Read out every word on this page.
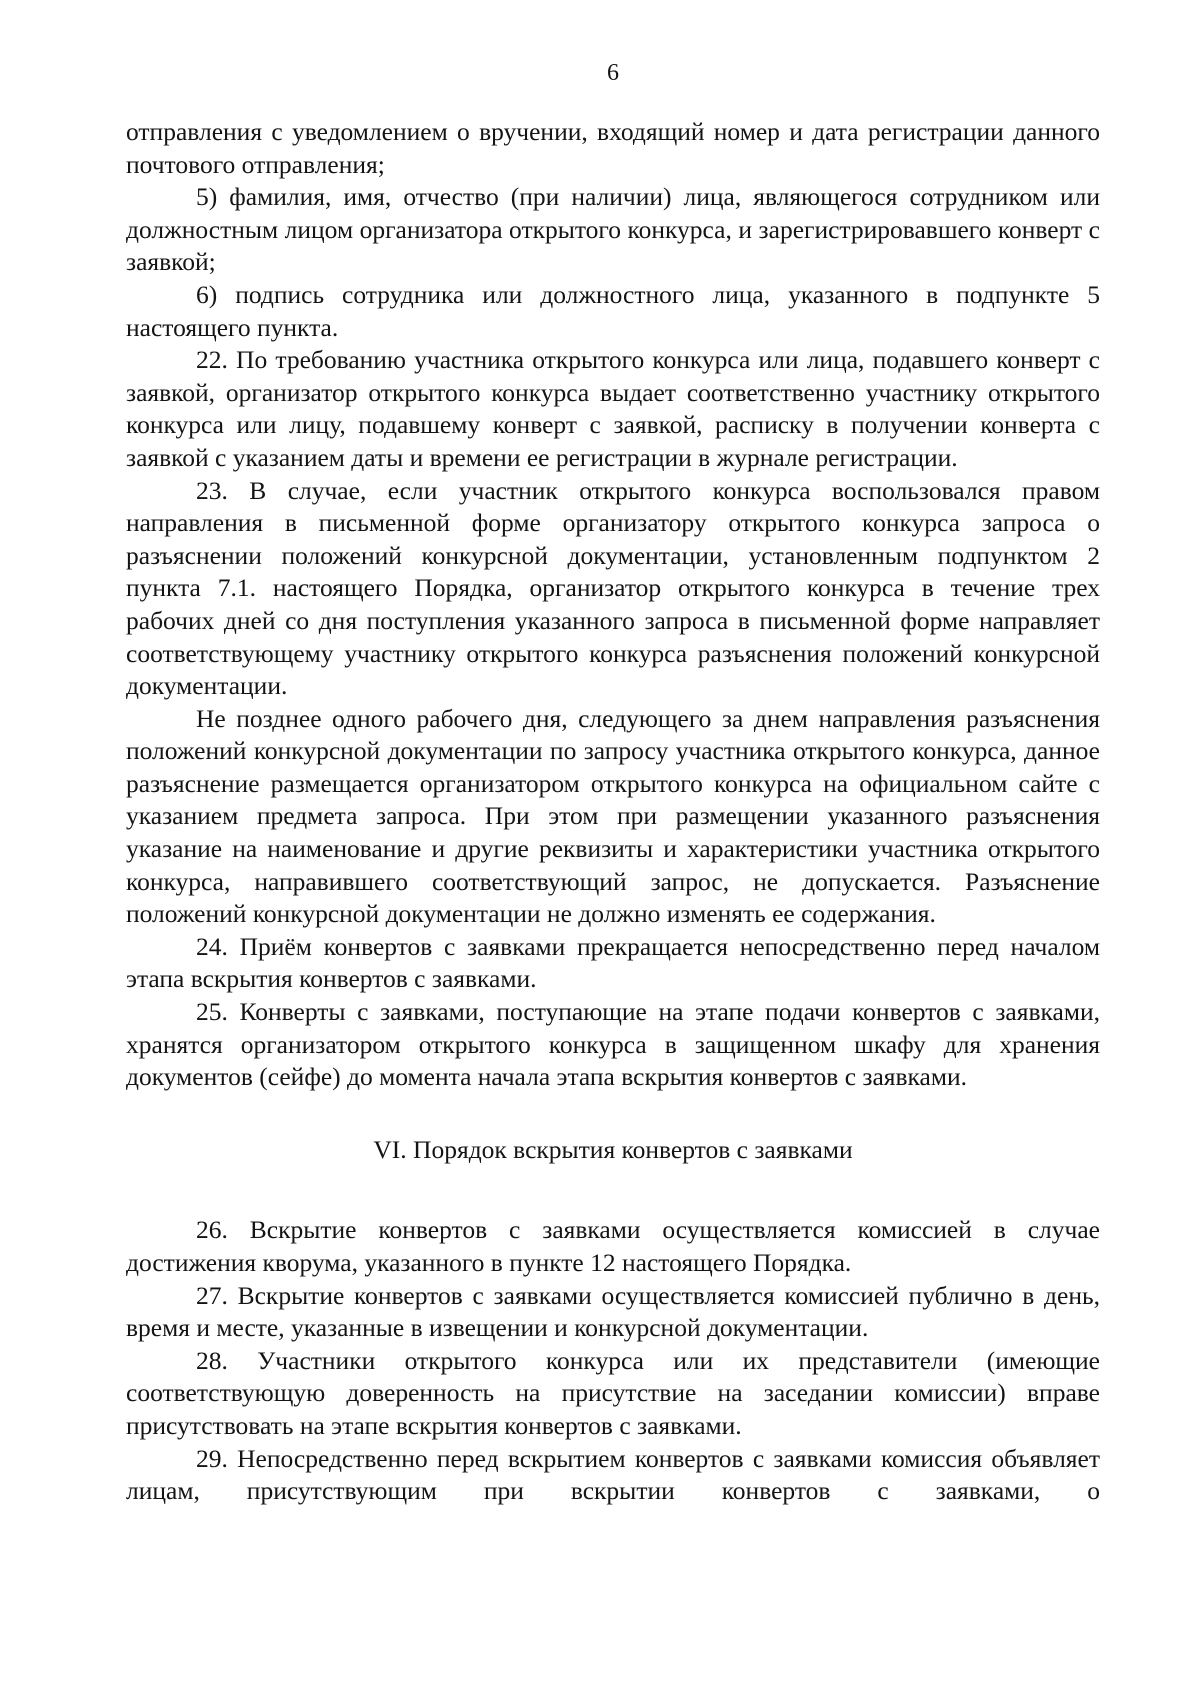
6

отправления с уведомлением о вручении, входящий номер и дата регистрации данного почтового отправления;

5) фамилия, имя, отчество (при наличии) лица, являющегося сотрудником или должностным лицом организатора открытого конкурса, и зарегистрировавшего конверт с заявкой;

6) подпись сотрудника или должностного лица, указанного в подпункте 5 настоящего пункта.

22. По требованию участника открытого конкурса или лица, подавшего конверт с заявкой, организатор открытого конкурса выдает соответственно участнику открытого конкурса или лицу, подавшему конверт с заявкой, расписку в получении конверта с заявкой с указанием даты и времени ее регистрации в журнале регистрации.

23. В случае, если участник открытого конкурса воспользовался правом направления в письменной форме организатору открытого конкурса запроса о разъяснении положений конкурсной документации, установленным подпунктом 2 пункта 7.1. настоящего Порядка, организатор открытого конкурса в течение трех рабочих дней со дня поступления указанного запроса в письменной форме направляет соответствующему участнику открытого конкурса разъяснения положений конкурсной документации.

Не позднее одного рабочего дня, следующего за днем направления разъяснения положений конкурсной документации по запросу участника открытого конкурса, данное разъяснение размещается организатором открытого конкурса на официальном сайте с указанием предмета запроса. При этом при размещении указанного разъяснения указание на наименование и другие реквизиты и характеристики участника открытого конкурса, направившего соответствующий запрос, не допускается. Разъяснение положений конкурсной документации не должно изменять ее содержания.

24. Приём конвертов с заявками прекращается непосредственно перед началом этапа вскрытия конвертов с заявками.

25. Конверты с заявками, поступающие на этапе подачи конвертов с заявками, хранятся организатором открытого конкурса в защищенном шкафу для хранения документов (сейфе) до момента начала этапа вскрытия конвертов с заявками.

VI. Порядок вскрытия конвертов с заявками

26. Вскрытие конвертов с заявками осуществляется комиссией в случае достижения кворума, указанного в пункте 12 настоящего Порядка.

27. Вскрытие конвертов с заявками осуществляется комиссией публично в день, время и месте, указанные в извещении и конкурсной документации.

28. Участники открытого конкурса или их представители (имеющие соответствующую доверенность на присутствие на заседании комиссии) вправе присутствовать на этапе вскрытия конвертов с заявками.

29. Непосредственно перед вскрытием конвертов с заявками комиссия объявляет лицам, присутствующим при вскрытии конвертов с заявками, о
